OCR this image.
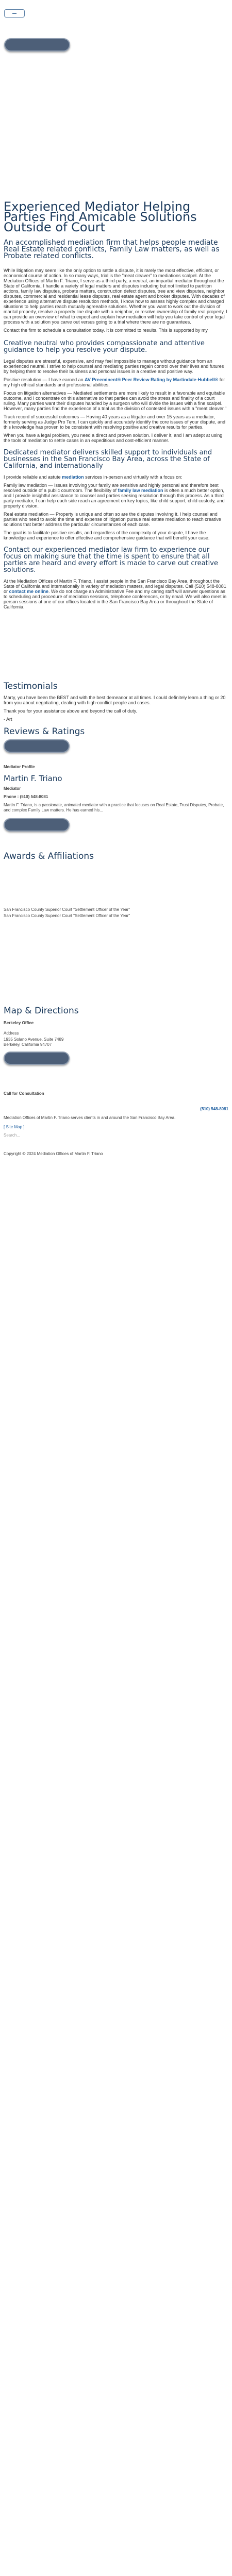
Experienced Mediator Helping Parties Find Amicable Solutions Outside of Court
An accomplished mediation firm that helps people mediate Real Estate related conflicts, Family Law matters, as well as Probate related conflicts.

While litigation may seem like the only option to settle a dispute, it is rarely the most effective, efficient, or economical course of action. In so many ways, trial is the "meat cleaver" to mediations scalpel. At the Mediation Offices of Martin F. Triano, I serve as a third-party, a neutral, an impartial mediator throughout the State of California. I handle a variety of legal matters and disputes including but not limited to partition actions, family law disputes, probate matters, construction defect disputes, tree and view disputes, neighbor disputes, commercial and residential lease disputes, real estate agent and broker disputes. With decades of experience using alternative dispute resolution methods, I know how to assess highly complex and charged situations to help parties reach mutually agreeable solutions. Whether you want to work out the division of marital property, resolve a property line dispute with a neighbor, or resolve ownership of family real property, I can provide an overview of what to expect and explain how mediation will help you take control of your legal process with a solution you carve out versus going to a trial where there are no guarantees.

Contact the firm to schedule a consultation today. It is committed to results. This is supported by my

Creative neutral who provides compassionate and attentive guidance to help you resolve your dispute.

Legal disputes are stressful, expensive, and may feel impossible to manage without guidance from an experienced neutral. I strive to help counsel and mediating parties regain control over their lives and futures by helping them to resolve their business and personal issues in a creative and positive way.

Positive resolution — I have earned an AV Preeminent® Peer Review Rating by Martindale-Hubbell® for my high ethical standards and professional abilities.

Focus on litigation alternatives — Mediated settlements are more likely to result in a favorable and equitable outcome, and I concentrate on this alternative so that parties can avoid the stress and finality of a court ruling. Many parties want their disputes handled by a surgeon who will divide the issues with a fine scalpel. However, many parties find the experience of a trial as the division of contested issues with a "meat cleaver."

Track record of successful outcomes — Having 40 years as a litigator and over 15 years as a mediator, formerly serving as Judge Pro Tem, I can quickly and accurately identify the core issues of your dispute, and this knowledge has proven to be consistent with resolving positive and creative results for parties.

When you have a legal problem, you need a direct and proven solution. I deliver it, and I am adept at using the tools of mediation to settle cases in an expeditious and cost-efficient manner.

Dedicated mediator delivers skilled support to individuals and businesses in the San Francisco Bay Area, across the State of California, and internationally

I provide reliable and astute mediation services in-person and virtually with a focus on:

Family law mediation — Issues involving your family are sensitive and highly personal and therefore best resolved outside of a public courtroom. The flexibility of family law mediation is often a much better option, and I provide insightful assistance to counsel and parties seeking resolution through this process. As a third party mediator, I can help each side reach an agreement on key topics, like child support, child custody, and property division.

Real estate mediation — Property is unique and often so are the disputes involving it. I help counsel and parties who need to avoid the time and expense of litigation pursue real estate mediation to reach creative solutions that better address the particular circumstances of each case.

The goal is to facilitate positive results, and regardless of the complexity of your dispute, I have the knowledge and experience to offer effective and comprehensive guidance that will benefit your case.

Contact our experienced mediator law firm to experience our focus on making sure that the time is spent to ensure that all parties are heard and every effort is made to carve out creative solutions.

At the Mediation Offices of Martin F. Triano, I assist people in the San Francisco Bay Area, throughout the State of California and internationally in variety of mediation matters, and legal disputes. Call (510) 548-8081 or contact me online. We do not charge an Administrative Fee and my caring staff will answer questions as to scheduling and procedure of mediation sessions, telephone conferences, or by email. We will also meet in person sessions at one of our offices located in the San Francisco Bay Area or throughout the State of California.

Testimonials

Marty, you have been the BEST and with the best demeanor at all times. I could definitely learn a thing or 20 from you about negotiating, dealing with high-conflict people and cases.

Thank you for your assistance above and beyond the call of duty.

- Art

Reviews & Ratings

Mediator Profile

Martin F. Triano

Mediator

Phone : (510) 548-8081

Martin F. Triano, is a passionate, animated mediator with a practice that focuses on Real Estate, Trust Disputes, Probate, and complex Family Law matters. He has earned his...

Awards & Affiliations

San Francisco County Superior Court "Settlement Officer of the Year"

San Francisco County Superior Court "Settlement Officer of the Year"

Map & Directions

Berkeley Office

Address

1935 Solano Avenue, Suite 7489

Berkeley, California 94707

Call for Consultation

(510) 548-8081

Mediation Offices of Martin F. Triano serves clients in and around the San Francisco Bay Area.

[ Site Map ]

Search...

Copyright © 2024 Mediation Offices of Martin F. Triano
